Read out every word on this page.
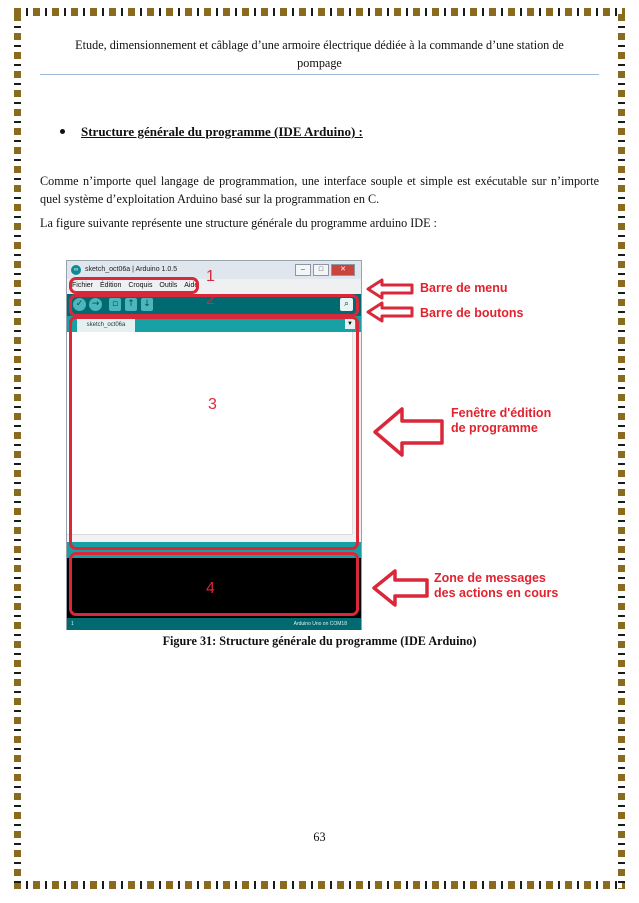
Etude, dimensionnement et câblage d’une armoire électrique dédiée à la commande d’une station de
pompage
Structure générale du programme (IDE Arduino) :
Comme n’importe quel langage de programmation, une interface souple et simple est exécutable sur n’importe quel système d’exploitation Arduino basé sur la programmation en C.
La figure suivante représente une structure générale du programme arduino IDE :
∞ sketch_oct06a | Arduino 1.0.5	–	□	✕
Fichier Édition Croquis Outils Aide
✓ →	▫	↑ ↓	⌕
sketch_oct06a	▼
1	Arduino Uno on COM18
1
2
3
4
Barre de menu
Barre de boutons
Fenêtre d'édition
de programme
Zone de messages
des actions en cours
Figure 31: Structure générale du programme (IDE Arduino)
63
